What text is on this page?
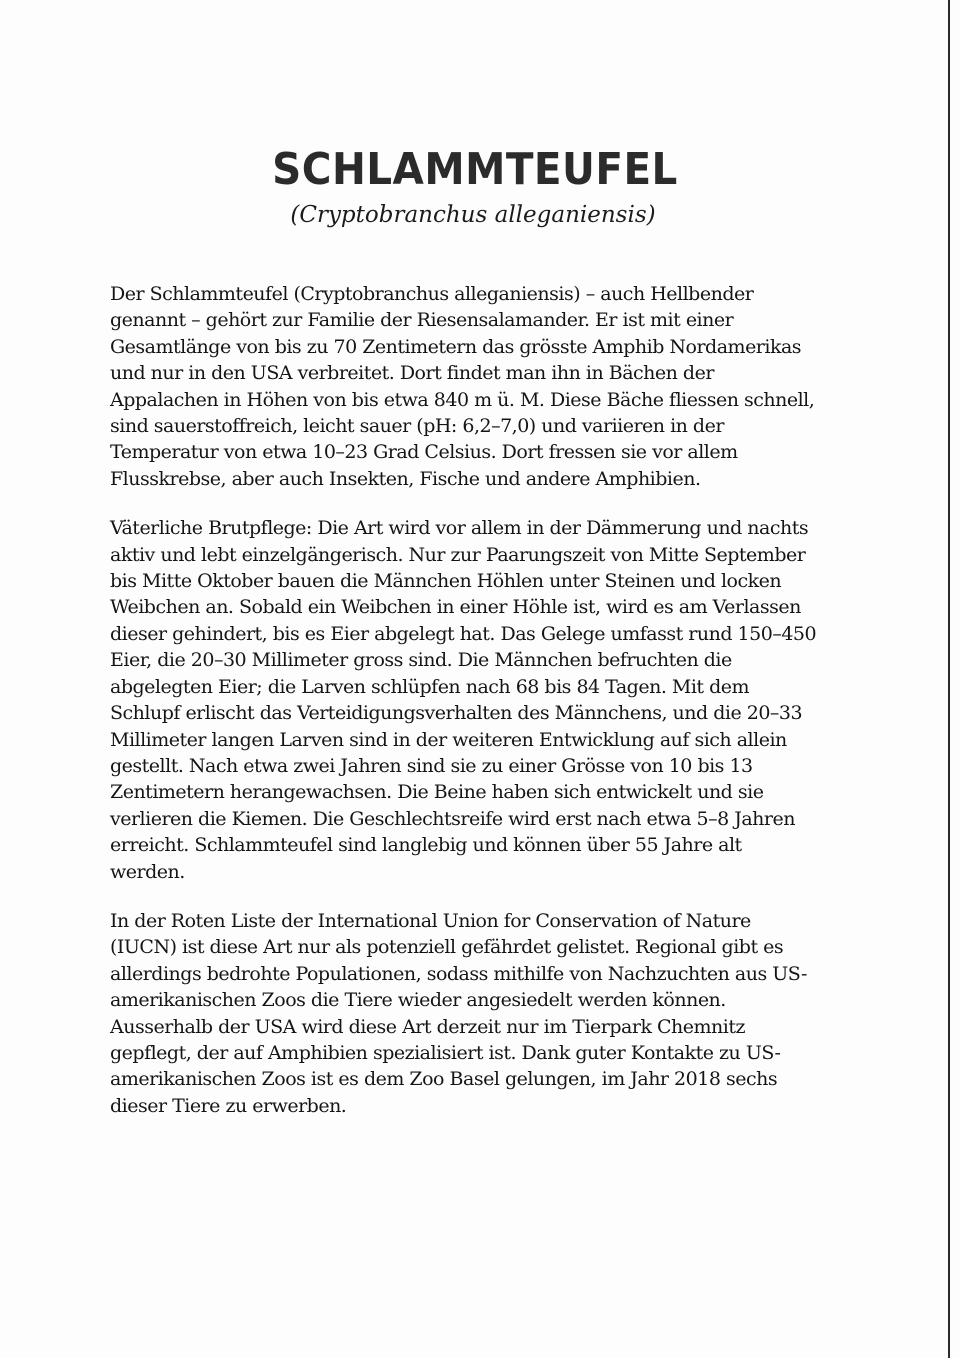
SCHLAMMTEUFEL
(Cryptobranchus alleganiensis)

Der Schlammteufel (Cryptobranchus alleganiensis) – auch Hellbender
genannt – gehört zur Familie der Riesensalamander. Er ist mit einer
Gesamtlänge von bis zu 70 Zentimetern das grösste Amphib Nordamerikas
und nur in den USA verbreitet. Dort findet man ihn in Bächen der
Appalachen in Höhen von bis etwa 840 m ü. M. Diese Bäche fliessen schnell,
sind sauerstoffreich, leicht sauer (pH: 6,2–7,0) und variieren in der
Temperatur von etwa 10–23 Grad Celsius. Dort fressen sie vor allem
Flusskrebse, aber auch Insekten, Fische und andere Amphibien.

Väterliche Brutpflege: Die Art wird vor allem in der Dämmerung und nachts
aktiv und lebt einzelgängerisch. Nur zur Paarungszeit von Mitte September
bis Mitte Oktober bauen die Männchen Höhlen unter Steinen und locken
Weibchen an. Sobald ein Weibchen in einer Höhle ist, wird es am Verlassen
dieser gehindert, bis es Eier abgelegt hat. Das Gelege umfasst rund 150–450
Eier, die 20–30 Millimeter gross sind. Die Männchen befruchten die
abgelegten Eier; die Larven schlüpfen nach 68 bis 84 Tagen. Mit dem
Schlupf erlischt das Verteidigungsverhalten des Männchens, und die 20–33
Millimeter langen Larven sind in der weiteren Entwicklung auf sich allein
gestellt. Nach etwa zwei Jahren sind sie zu einer Grösse von 10 bis 13
Zentimetern herangewachsen. Die Beine haben sich entwickelt und sie
verlieren die Kiemen. Die Geschlechtsreife wird erst nach etwa 5–8 Jahren
erreicht. Schlammteufel sind langlebig und können über 55 Jahre alt
werden.

In der Roten Liste der International Union for Conservation of Nature
(IUCN) ist diese Art nur als potenziell gefährdet gelistet. Regional gibt es
allerdings bedrohte Populationen, sodass mithilfe von Nachzuchten aus US-
amerikanischen Zoos die Tiere wieder angesiedelt werden können.
Ausserhalb der USA wird diese Art derzeit nur im Tierpark Chemnitz
gepflegt, der auf Amphibien spezialisiert ist. Dank guter Kontakte zu US-
amerikanischen Zoos ist es dem Zoo Basel gelungen, im Jahr 2018 sechs
dieser Tiere zu erwerben.
